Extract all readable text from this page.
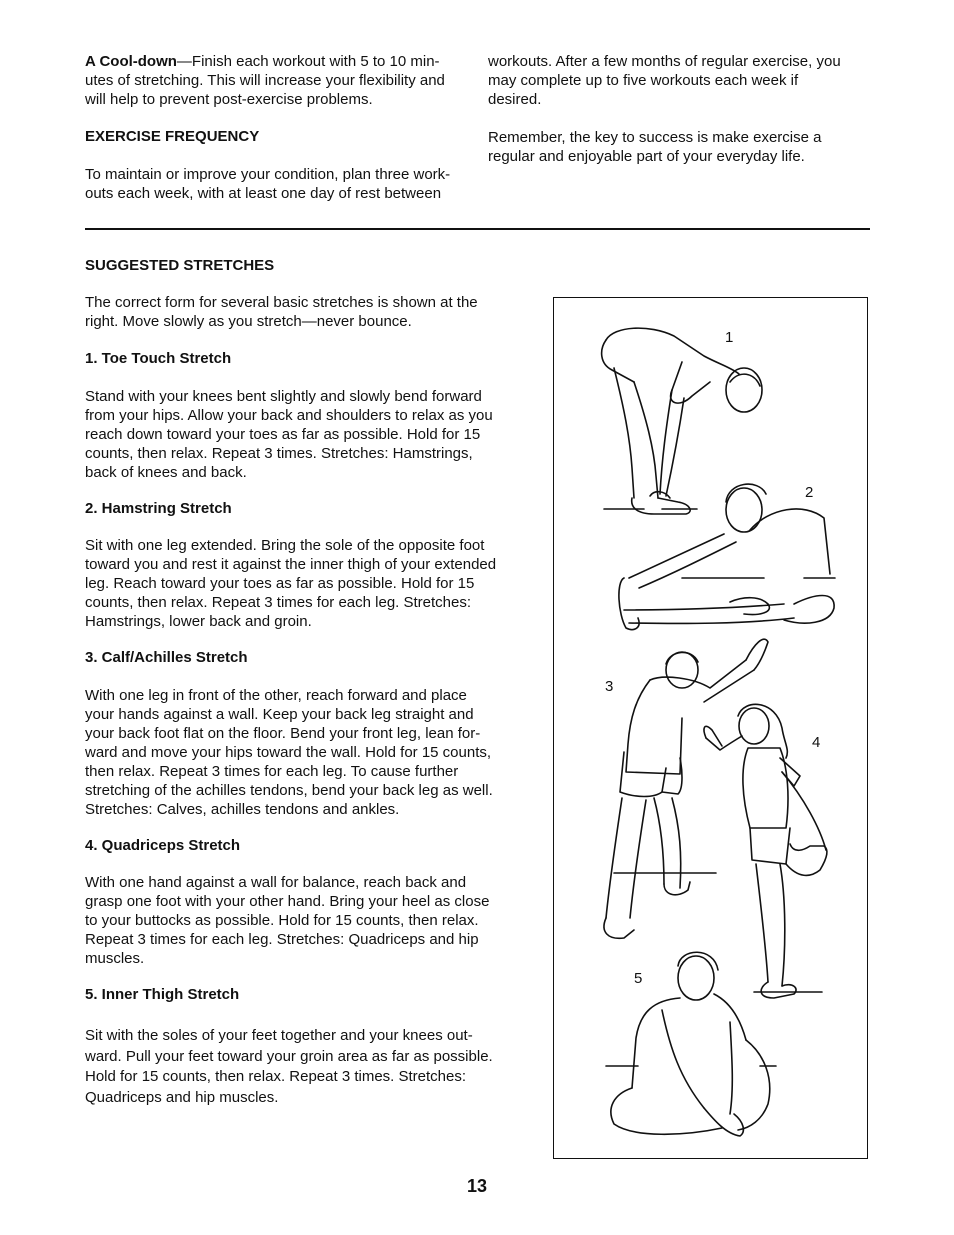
A Cool-down—Finish each workout with 5 to 10 min-
utes of stretching. This will increase your flexibility and
will help to prevent post-exercise problems.
EXERCISE FREQUENCY
To maintain or improve your condition, plan three work-
outs each week, with at least one day of rest between
workouts. After a few months of regular exercise, you
may complete up to five workouts each week if
desired.
Remember, the key to success is make exercise a
regular and enjoyable part of your everyday life.
SUGGESTED STRETCHES
The correct form for several basic stretches is shown at the
right. Move slowly as you stretch—never bounce.
1. Toe Touch Stretch
Stand with your knees bent slightly and slowly bend forward
from your hips. Allow your back and shoulders to relax as you
reach down toward your toes as far as possible. Hold for 15
counts, then relax. Repeat 3 times. Stretches: Hamstrings,
back of knees and back.
2. Hamstring Stretch
Sit with one leg extended. Bring the sole of the opposite foot
toward you and rest it against the inner thigh of your extended
leg. Reach toward your toes as far as possible. Hold for 15
counts, then relax. Repeat 3 times for each leg. Stretches:
Hamstrings, lower back and groin.
3. Calf/Achilles Stretch
With one leg in front of the other, reach forward and place
your hands against a wall. Keep your back leg straight and
your back foot flat on the floor. Bend your front leg, lean for-
ward and move your hips toward the wall. Hold for 15 counts,
then relax. Repeat 3 times for each leg. To cause further
stretching of the achilles tendons, bend your back leg as well.
Stretches: Calves, achilles tendons and ankles.
4. Quadriceps Stretch
With one hand against a wall for balance, reach back and
grasp one foot with your other hand. Bring your heel as close
to your buttocks as possible. Hold for 15 counts, then relax.
Repeat 3 times for each leg. Stretches: Quadriceps and hip
muscles.
5. Inner Thigh Stretch
Sit with the soles of your feet together and your knees out-
ward. Pull your feet toward your groin area as far as possible.
Hold for 15 counts, then relax. Repeat 3 times. Stretches:
Quadriceps and hip muscles.
1
2
3
4
5
13
